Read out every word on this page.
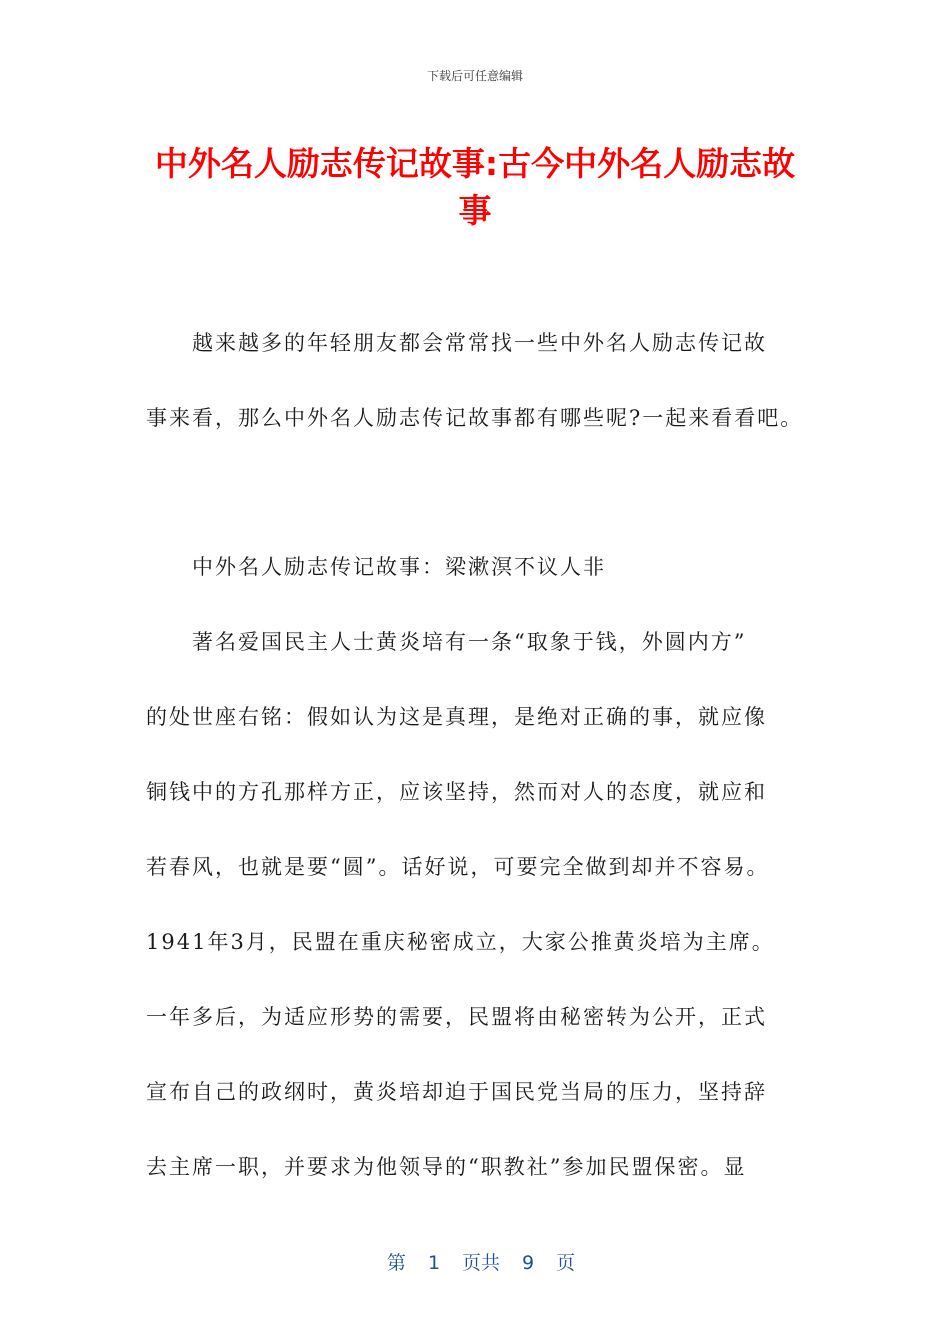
下载后可任意编辑
中外名人励志传记故事:古今中外名人励志故
事
越来越多的年轻朋友都会常常找一些中外名人励志传记故
事来看，那么中外名人励志传记故事都有哪些呢?一起来看看吧。
中外名人励志传记故事：梁漱溟不议人非
著名爱国民主人士黄炎培有一条“取象于钱，外圆内方”
的处世座右铭：假如认为这是真理，是绝对正确的事，就应像
铜钱中的方孔那样方正，应该坚持，然而对人的态度，就应和
若春风，也就是要“圆”。话好说，可要完全做到却并不容易。
1941年3月，民盟在重庆秘密成立，大家公推黄炎培为主席。
一年多后，为适应形势的需要，民盟将由秘密转为公开，正式
宣布自己的政纲时，黄炎培却迫于国民党当局的压力，坚持辞
去主席一职，并要求为他领导的“职教社”参加民盟保密。显

第 1 页共 9 页
